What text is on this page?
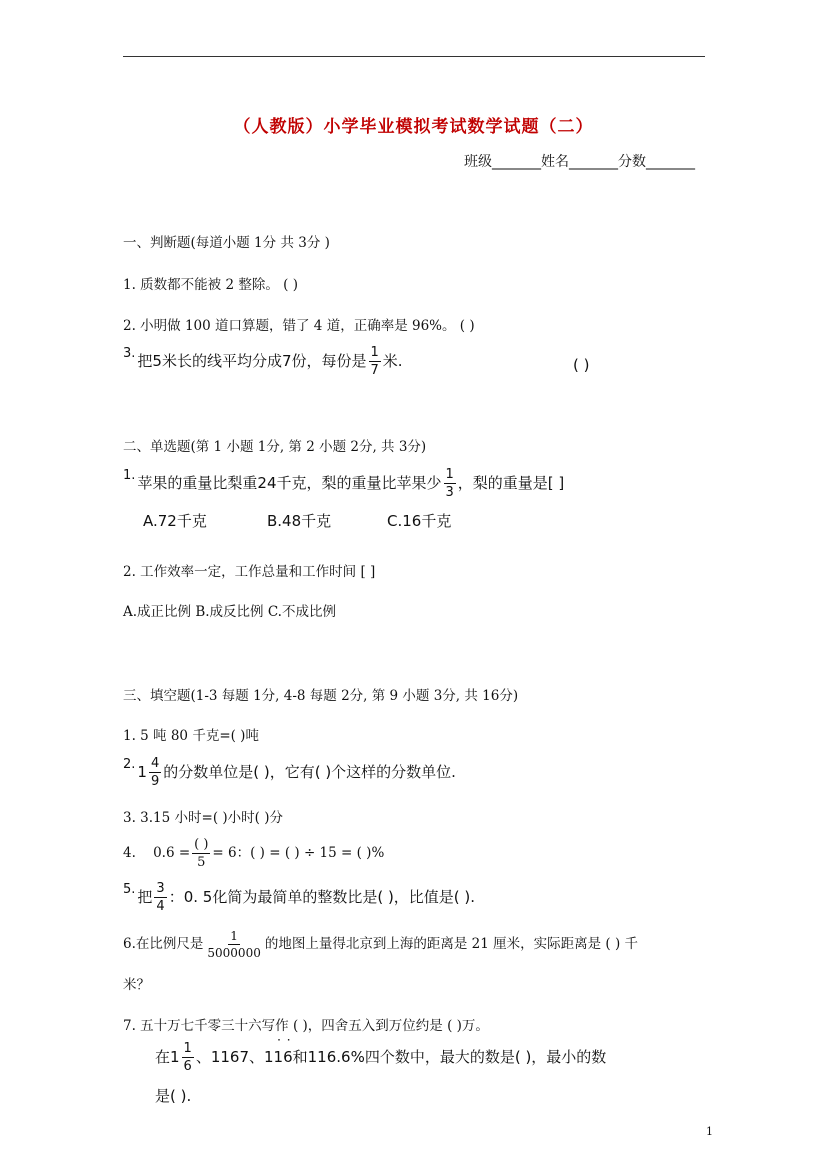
（人教版）小学毕业模拟考试数学试题（二）
班级_______姓名_______分数_______
一、判断题(每道小题 1分 共 3分 )
1. 质数都不能被 2 整除。 ( )
2. 小明做 100 道口算题，错了 4 道，正确率是 96%。 ( )
3. 把5米长的线平均分成7份，每份是 $\frac{1}{7}$ 米.	( )
二、单选题(第 1 小题 1分, 第 2 小题 2分, 共 3分)
1. 苹果的重量比梨重24千克，梨的重量比苹果少 $\frac{1}{3}$ ，梨的重量是[ ]
A.72千克	B.48千克	C.16千克
2. 工作效率一定，工作总量和工作时间 [ ]
A.成正比例 B.成反比例 C.不成比例
三、填空题(1-3 每题 1分, 4-8 每题 2分, 第 9 小题 3分, 共 16分)
1. 5 吨 80 千克=( )吨
2. $1 \frac{4}{9}$ 的分数单位是( )，它有( )个这样的分数单位.
3. 3.15 小时=( )小时( )分
4. $0.6 = \frac{( )}{5} = 6$：( ) = ( ) ÷ 15 = ( )%
5. 把 $\frac{3}{4}$ ：0. 5化简为最简单的整数比是( )，比值是( ).
6.在比例尺是 $\frac{1}{5000000}$ 的地图上量得北京到上海的距离是 21 厘米，实际距离是 ( ) 千
米？
7. 五十万七千零三十六写作 ( )，四舍五入到万位约是 ( )万。
在$1 \frac{1}{6}$ 、1167、11 ˙6 ˙和116.6%四个数中，最大的数是( )，最小的数
是( ).
1
